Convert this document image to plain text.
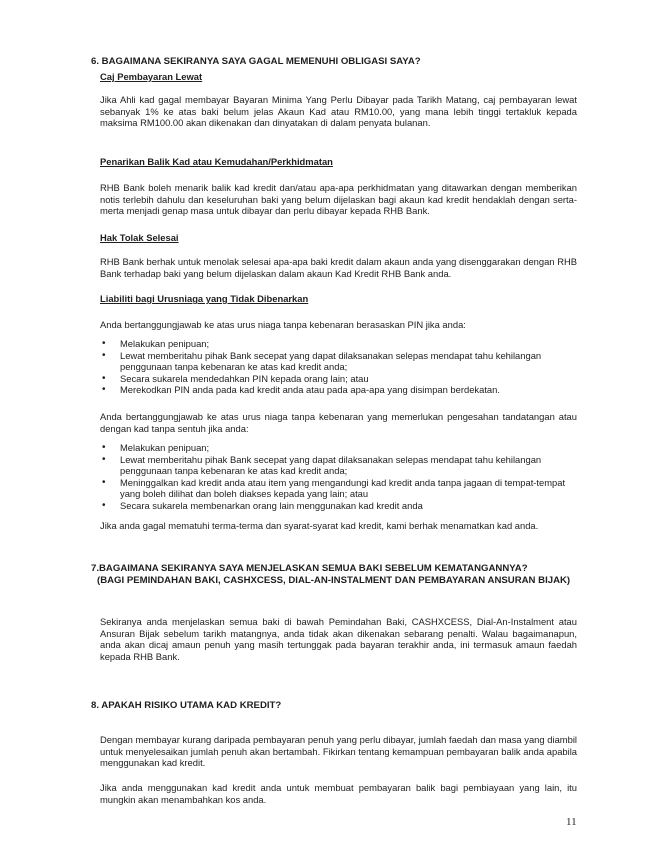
6. BAGAIMANA SEKIRANYA SAYA GAGAL MEMENUHI OBLIGASI SAYA?

Caj Pembayaran Lewat

Jika Ahli kad gagal membayar Bayaran Minima Yang Perlu Dibayar pada Tarikh Matang, caj pembayaran lewat sebanyak 1% ke atas baki belum jelas Akaun Kad atau RM10.00, yang mana lebih tinggi tertakluk kepada maksima RM100.00 akan dikenakan dan dinyatakan di dalam penyata bulanan.

Penarikan Balik Kad atau Kemudahan/Perkhidmatan

RHB Bank boleh menarik balik kad kredit dan/atau apa-apa perkhidmatan yang ditawarkan dengan memberikan notis terlebih dahulu dan keseluruhan baki yang belum dijelaskan bagi akaun kad kredit hendaklah dengan serta-merta menjadi genap masa untuk dibayar dan perlu dibayar kepada RHB Bank.

Hak Tolak Selesai

RHB Bank berhak untuk menolak selesai apa-apa baki kredit dalam akaun anda yang disenggarakan dengan RHB Bank terhadap baki yang belum dijelaskan dalam akaun Kad Kredit RHB Bank anda.

Liabiliti bagi Urusniaga yang Tidak Dibenarkan

Anda bertanggungjawab ke atas urus niaga tanpa kebenaran berasaskan PIN jika anda:

• Melakukan penipuan;
• Lewat memberitahu pihak Bank secepat yang dapat dilaksanakan selepas mendapat tahu kehilangan penggunaan tanpa kebenaran ke atas kad kredit anda;
• Secara sukarela mendedahkan PIN kepada orang lain; atau
• Merekodkan PIN anda pada kad kredit anda atau pada apa-apa yang disimpan berdekatan.

Anda bertanggungjawab ke atas urus niaga tanpa kebenaran yang memerlukan pengesahan tandatangan atau dengan kad tanpa sentuh jika anda:

• Melakukan penipuan;
• Lewat memberitahu pihak Bank secepat yang dapat dilaksanakan selepas mendapat tahu kehilangan penggunaan tanpa kebenaran ke atas kad kredit anda;
• Meninggalkan kad kredit anda atau item yang mengandungi kad kredit anda tanpa jagaan di tempat-tempat yang boleh dilihat dan boleh diakses kepada yang lain; atau
• Secara sukarela membenarkan orang lain menggunakan kad kredit anda

Jika anda gagal mematuhi terma-terma dan syarat-syarat kad kredit, kami berhak menamatkan kad anda.

7.BAGAIMANA SEKIRANYA SAYA MENJELASKAN SEMUA BAKI SEBELUM KEMATANGANNYA?

(BAGI PEMINDAHAN BAKI, CASHXCESS, DIAL-AN-INSTALMENT DAN PEMBAYARAN ANSURAN BIJAK)

Sekiranya anda menjelaskan semua baki di bawah Pemindahan Baki, CASHXCESS, Dial-An-Instalment atau Ansuran Bijak sebelum tarikh matangnya, anda tidak akan dikenakan sebarang penalti. Walau bagaimanapun, anda akan dicaj amaun penuh yang masih tertunggak pada bayaran terakhir anda, ini termasuk amaun faedah kepada RHB Bank.

8. APAKAH RISIKO UTAMA KAD KREDIT?

Dengan membayar kurang daripada pembayaran penuh yang perlu dibayar, jumlah faedah dan masa yang diambil untuk menyelesaikan jumlah penuh akan bertambah. Fikirkan tentang kemampuan pembayaran balik anda apabila menggunakan kad kredit.

Jika anda menggunakan kad kredit anda untuk membuat pembayaran balik bagi pembiayaan yang lain, itu mungkin akan menambahkan kos anda.

11
